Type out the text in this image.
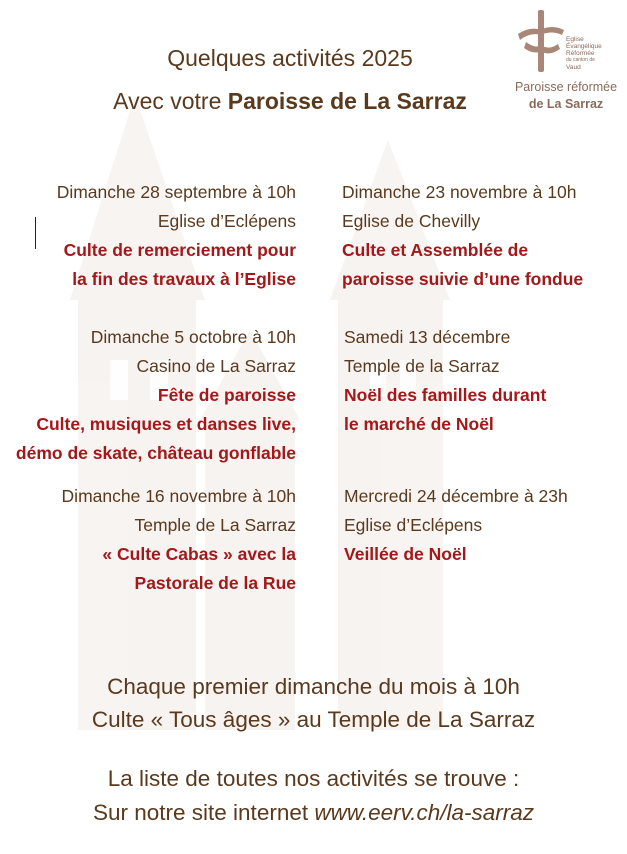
Eglise
Évangélique
Réformée
du canton de
Vaud
Paroisse réformée
de La Sarraz
Quelques activités 2025
Avec votre Paroisse de La Sarraz
Dimanche 28 septembre à 10h
Eglise d’Eclépens
Culte de remerciement pour
la fin des travaux à l’Eglise
Dimanche 23 novembre à 10h
Eglise de Chevilly
Culte et Assemblée de
paroisse suivie d’une fondue
Dimanche 5 octobre à 10h
Casino de La Sarraz
Fête de paroisse
Culte, musiques et danses live,
démo de skate, château gonflable
Samedi 13 décembre
Temple de la Sarraz
Noël des familles durant
le marché de Noël
Dimanche 16 novembre à 10h
Temple de La Sarraz
« Culte Cabas » avec la
Pastorale de la Rue
Mercredi 24 décembre à 23h
Eglise d’Eclépens
Veillée de Noël
Chaque premier dimanche du mois à 10h
Culte « Tous âges » au Temple de La Sarraz
La liste de toutes nos activités se trouve :
Sur notre site internet www.eerv.ch/la-sarraz
